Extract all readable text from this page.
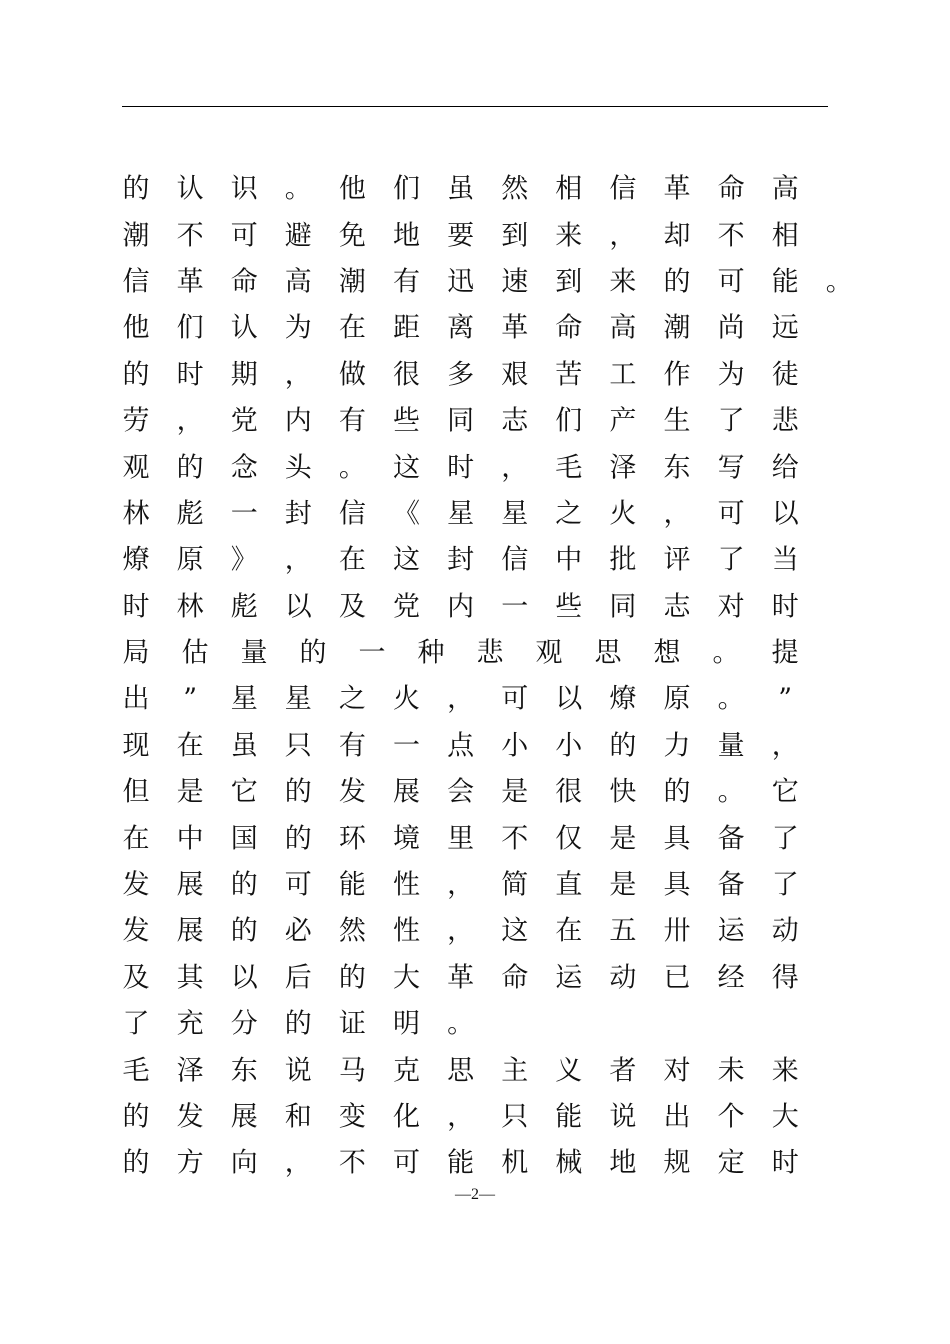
的 认 识 。 他 们 虽 然 相 信 革 命 高
潮 不 可 避 免 地 要 到 来 ， 却 不 相
信 革 命 高 潮 有 迅 速 到 来 的 可 能 。
他 们 认 为 在 距 离 革 命 高 潮 尚 远
的 时 期 ， 做 很 多 艰 苦 工 作 为 徒
劳 ， 党 内 有 些 同 志 们 产 生 了 悲
观 的 念 头 。 这 时 ， 毛 泽 东 写 给
林 彪 一 封 信 《 星 星 之 火 ， 可 以
燎 原 》 ， 在 这 封 信 中 批 评 了 当
时 林 彪 以 及 党 内 一 些 同 志 对 时
局 估 量 的 一 种 悲 观 思 想 。 提
出 ” 星 星 之 火 ， 可 以 燎 原 。 ”
现 在 虽 只 有 一 点 小 小 的 力 量 ，
但 是 它 的 发 展 会 是 很 快 的 。 它
在 中 国 的 环 境 里 不 仅 是 具 备 了
发 展 的 可 能 性 ， 简 直 是 具 备 了
发 展 的 必 然 性 ， 这 在 五 卅 运 动
及 其 以 后 的 大 革 命 运 动 已 经 得
了 充 分 的 证 明 。
毛 泽 东 说 马 克 思 主 义 者 对 未 来
的 发 展 和 变 化 ， 只 能 说 出 个 大
的 方 向 ， 不 可 能 机 械 地 规 定 时
—2—
